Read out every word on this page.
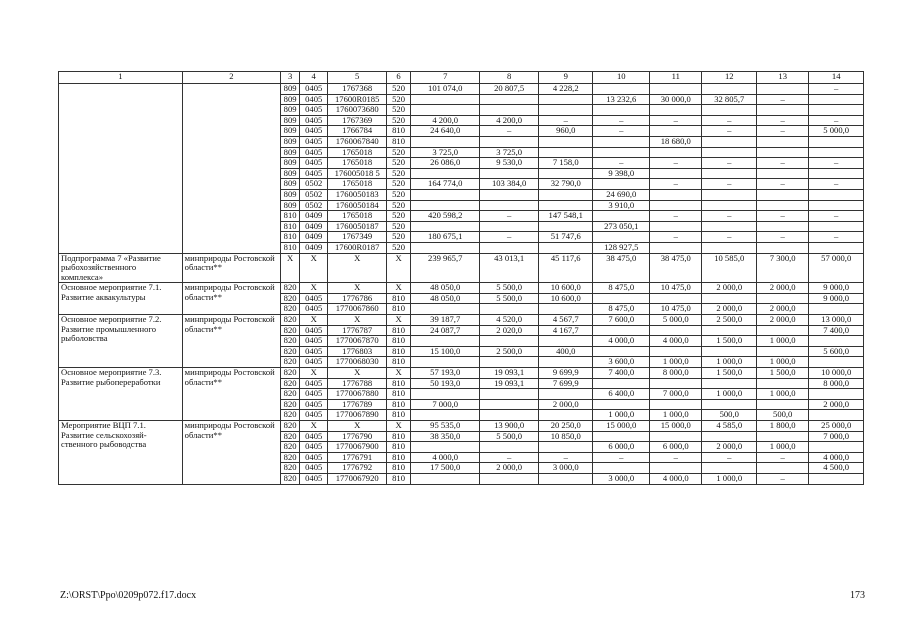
1	2	3	4	5	6	7	8	9	10	11	12	13	14
		809	0405	1767368	520	101 074,0	20 807,5	4 228,2					–
		809	0405	17600R0185	520				13 232,6	30 000,0	32 805,7	–	
		809	0405	1760073680	520								
		809	0405	1767369	520	4 200,0	4 200,0	–	–	–	–	–	–
		809	0405	1766784	810	24 640,0	–	960,0	–		–	–	5 000,0
		809	0405	1760067840	810					18 680,0			
		809	0405	1765018	520	3 725,0	3 725,0						
		809	0405	1765018	520	26 086,0	9 530,0	7 158,0	–	–	–	–	–
		809	0405	176005018 5	520				9 398,0				
		809	0502	1765018	520	164 774,0	103 384,0	32 790,0		–	–	–	–
		809	0502	1760050183	520				24 690,0				
		809	0502	1760050184	520				3 910,0				
		810	0409	1765018	520	420 598,2	–	147 548,1		–	–	–	–
		810	0409	1760050187	520				273 050,1				
		810	0409	1767349	520	180 675,1	–	51 747,6		–	–	–	–
		810	0409	17600R0187	520				128 927,5				
Подпрограмма 7 «Развитие рыбохозяйственного комплекса»	минприроды Ростовской области**	X	X	X	X	239 965,7	43 013,1	45 117,6	38 475,0	38 475,0	10 585,0	7 300,0	57 000,0
Основное мероприятие 7.1. Развитие аквакультуры	минприроды Ростовской области**	820	X	X	X	48 050,0	5 500,0	10 600,0	8 475,0	10 475,0	2 000,0	2 000,0	9 000,0
		820	0405	1776786	810	48 050,0	5 500,0	10 600,0					9 000,0
		820	0405	1770067860	810				8 475,0	10 475,0	2 000,0	2 000,0	
Основное мероприятие 7.2. Развитие промышленного рыболовства	минприроды Ростовской области**	820	X	X	X	39 187,7	4 520,0	4 567,7	7 600,0	5 000,0	2 500,0	2 000,0	13 000,0
		820	0405	1776787	810	24 087,7	2 020,0	4 167,7					7 400,0
		820	0405	1770067870	810				4 000,0	4 000,0	1 500,0	1 000,0	
		820	0405	1776803	810	15 100,0	2 500,0	400,0					5 600,0
		820	0405	1770068030	810				3 600,0	1 000,0	1 000,0	1 000,0	
Основное мероприятие 7.3. Развитие рыбопереработки	минприроды Ростовской области**	820	X	X	X	57 193,0	19 093,1	9 699,9	7 400,0	8 000,0	1 500,0	1 500,0	10 000,0
		820	0405	1776788	810	50 193,0	19 093,1	7 699,9					8 000,0
		820	0405	1770067880	810				6 400,0	7 000,0	1 000,0	1 000,0	
		820	0405	1776789	810	7 000,0		2 000,0					2 000,0
		820	0405	1770067890	810				1 000,0	1 000,0	500,0	500,0	
Мероприятие ВЦП 7.1. Развитие сельскохозяй-ственного рыбоводства	минприроды Ростовской области**	820	X	X	X	95 535,0	13 900,0	20 250,0	15 000,0	15 000,0	4 585,0	1 800,0	25 000,0
		820	0405	1776790	810	38 350,0	5 500,0	10 850,0					7 000,0
		820	0405	1770067900	810				6 000,0	6 000,0	2 000,0	1 000,0	
		820	0405	1776791	810	4 000,0	–	–	–	–	–	–	4 000,0
		820	0405	1776792	810	17 500,0	2 000,0	3 000,0					4 500,0
		820	0405	1770067920	810				3 000,0	4 000,0	1 000,0	–	
Z:\ORST\Ppo\0209p072.f17.docx	173
